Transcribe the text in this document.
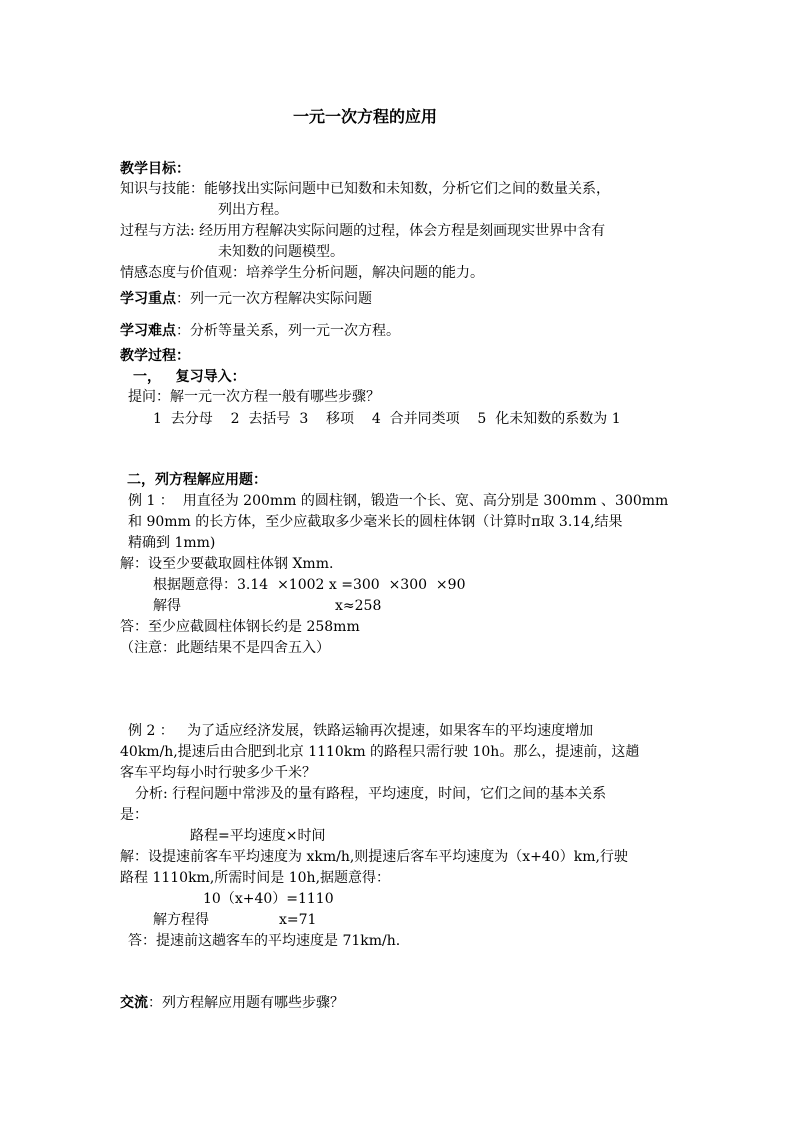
一元一次方程的应用
教学目标：
知识与技能：能够找出实际问题中已知数和未知数，分析它们之间的数量关系，
列出方程。
过程与方法: 经历用方程解决实际问题的过程，体会方程是刻画现实世界中含有
未知数的问题模型。
情感态度与价值观：培养学生分析问题，解决问题的能力。
学习重点：列一元一次方程解决实际问题
学习难点：分析等量关系，列一元一次方程。
教学过程：
一，   复习导入：
提问：解一元一次方程一般有哪些步骤？
1  去分母    2  去括号  3    移项    4  合并同类项    5  化未知数的系数为 1
二，列方程解应用题：
例 1 ：  用直径为 200mm 的圆柱钢，锻造一个长、宽、高分别是 300mm 、300mm
和 90mm 的长方体，至少应截取多少毫米长的圆柱体钢（计算时π取 3.14,结果
精确到 1mm)
解：设至少要截取圆柱体钢 Xmm.
根据题意得：3.14  ×1002 x =300  ×300  ×90
解得	x≈258
答：至少应截圆柱体钢长约是 258mm
（注意：此题结果不是四舍五入）
例 2 ：   为了适应经济发展，铁路运输再次提速，如果客车的平均速度增加
40km/h,提速后由合肥到北京 1110km 的路程只需行驶 10h。那么，提速前，这趟
客车平均每小时行驶多少千米？
分析: 行程问题中常涉及的量有路程，平均速度，时间，它们之间的基本关系
是：
路程=平均速度×时间
解：设提速前客车平均速度为 xkm/h,则提速后客车平均速度为（x+40）km,行驶
路程 1110km,所需时间是 10h,据题意得：
10（x+40）=1110
解方程得	x=71
答：提速前这趟客车的平均速度是 71km/h.
交流：列方程解应用题有哪些步骤？
